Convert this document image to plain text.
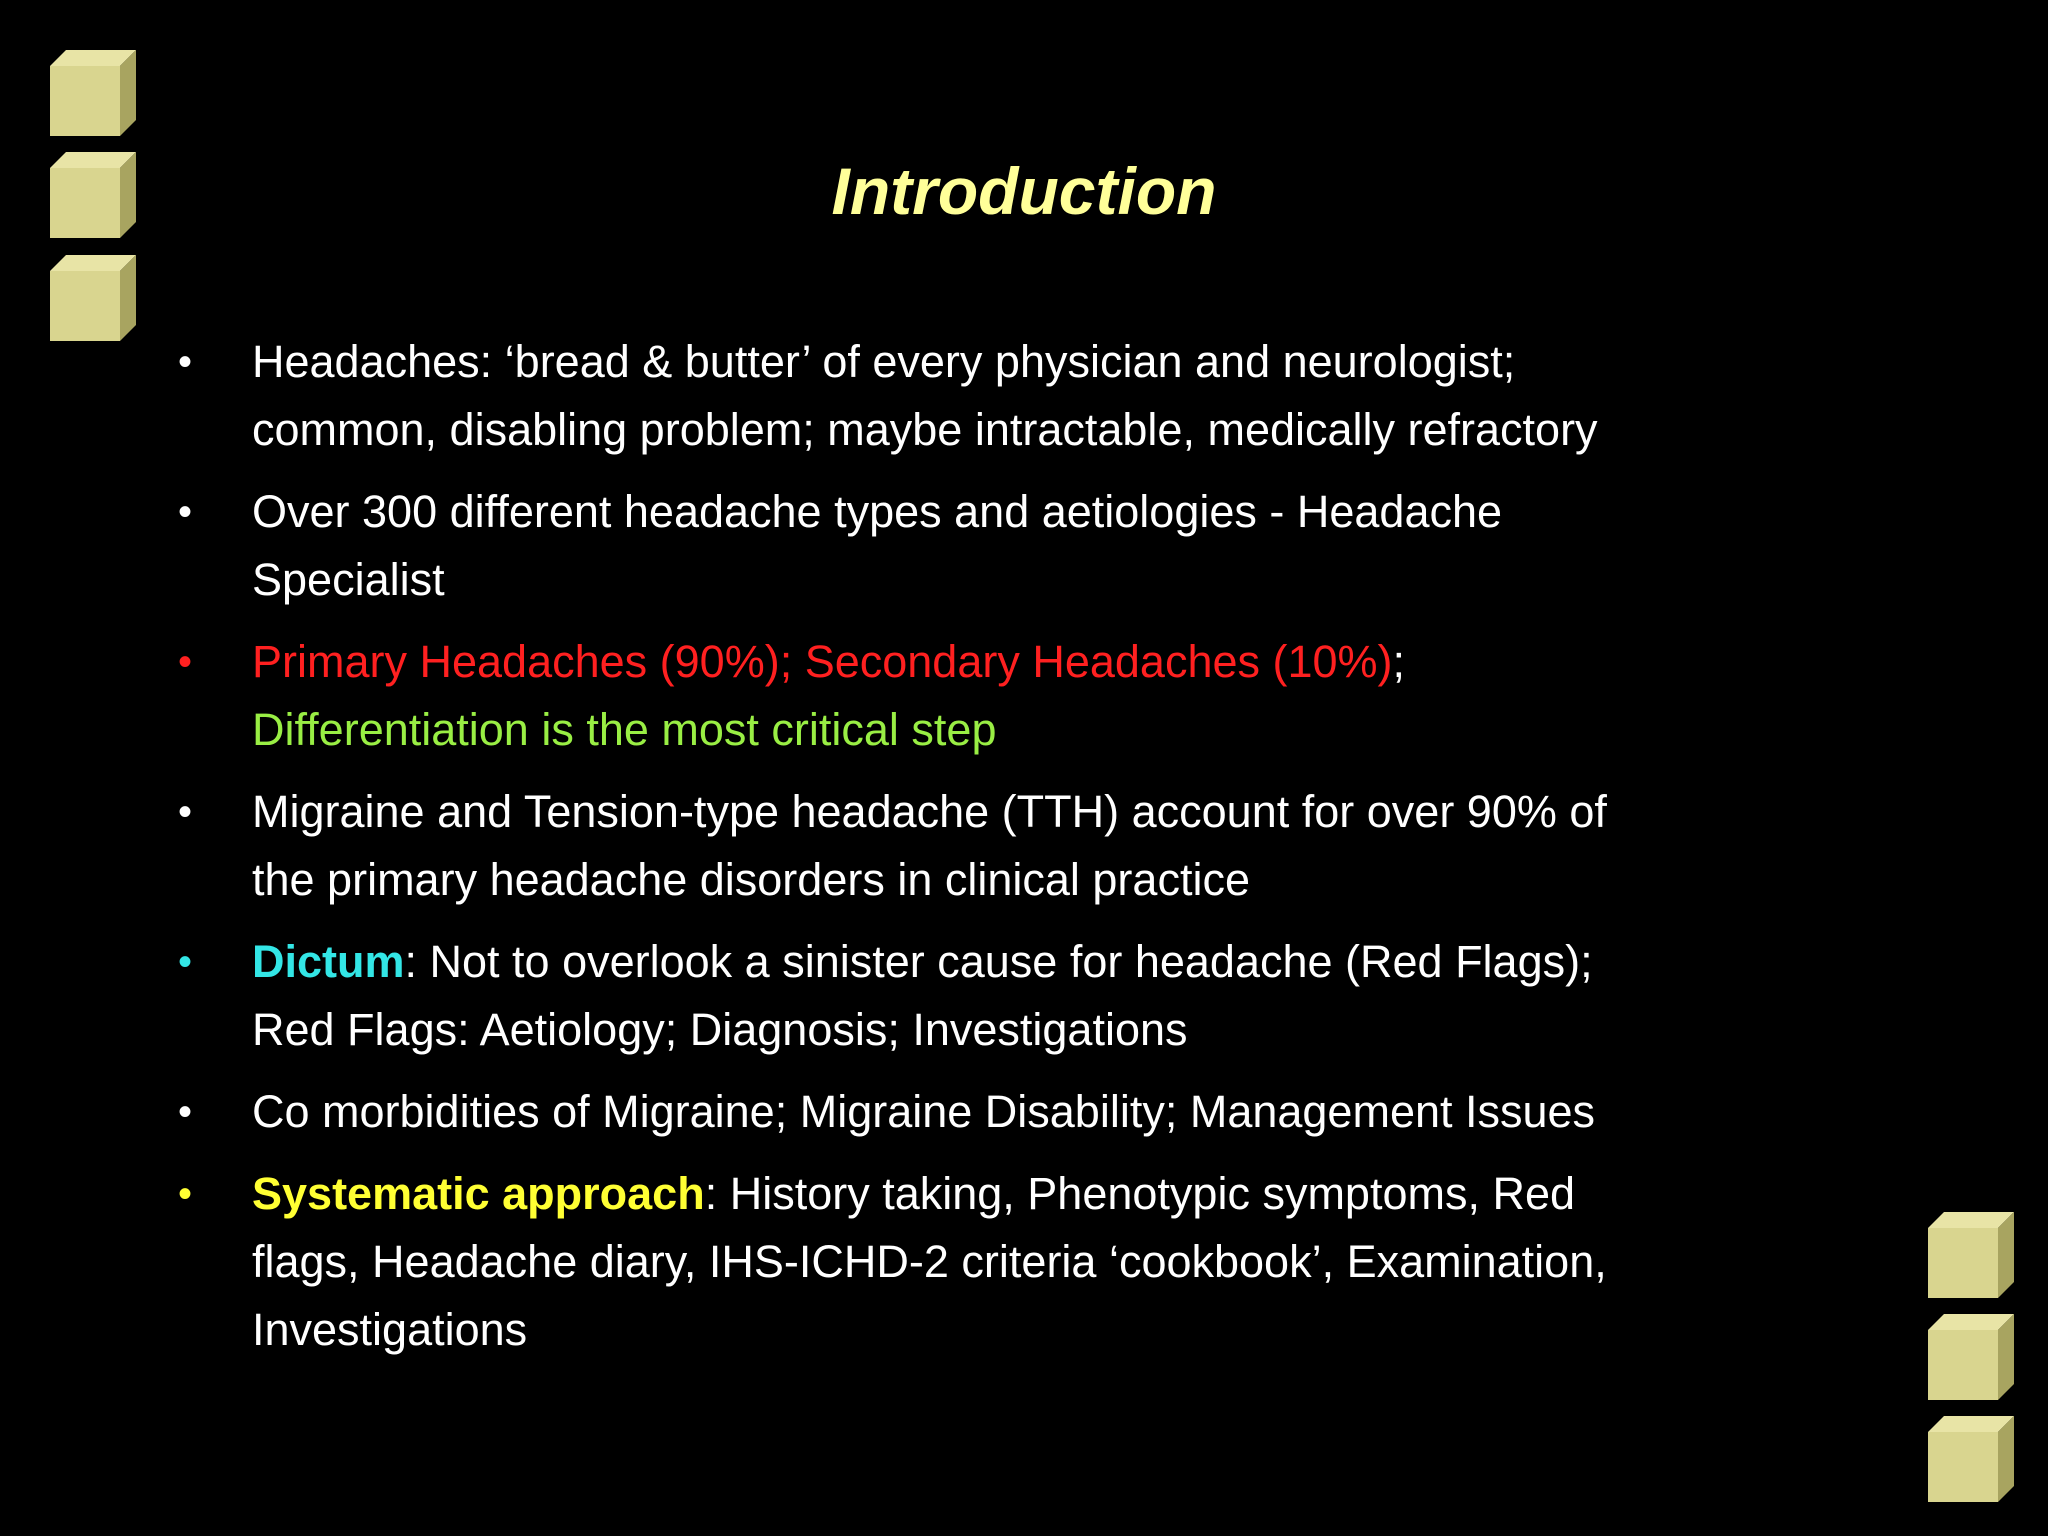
Introduction
•	Headaches: ‘bread & butter’ of every physician and neurologist;
common, disabling problem; maybe intractable, medically refractory
•	Over 300 different headache types and aetiologies - Headache
Specialist
•	Primary Headaches (90%); Secondary Headaches (10%);
Differentiation is the most critical step
•	Migraine and Tension-type headache (TTH) account for over 90% of
the primary headache disorders in clinical practice
•	Dictum: Not to overlook a sinister cause for headache (Red Flags);
Red Flags: Aetiology; Diagnosis; Investigations
•	Co morbidities of Migraine; Migraine Disability; Management Issues
•	Systematic approach: History taking, Phenotypic symptoms, Red
flags, Headache diary, IHS-ICHD-2 criteria ‘cookbook’, Examination,
Investigations
